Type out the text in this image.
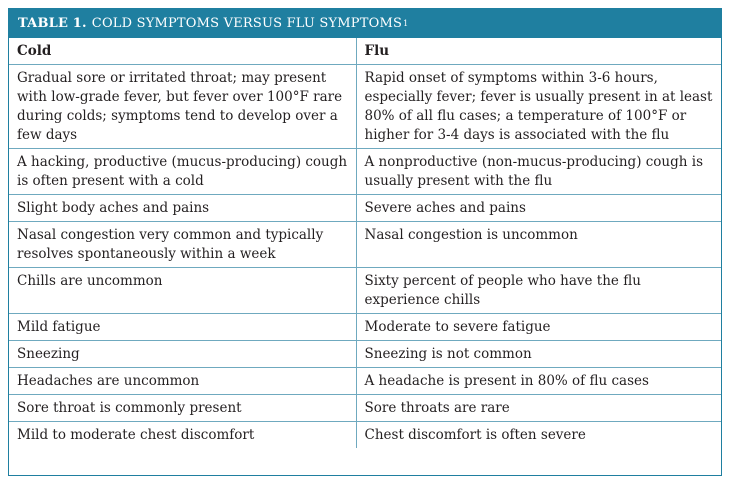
TABLE 1. COLD SYMPTOMS VERSUS FLU SYMPTOMS 1
Cold	Flu
Gradual sore or irritated throat; may present with low-grade fever, but fever over 100°F rare during colds; symptoms tend to develop over a few days	Rapid onset of symptoms within 3-6 hours, especially fever; fever is usually present in at least 80% of all flu cases; a temperature of 100°F or higher for 3-4 days is associated with the flu
A hacking, productive (mucus-producing) cough is often present with a cold	A nonproductive (non-mucus-producing) cough is usually present with the flu
Slight body aches and pains	Severe aches and pains
Nasal congestion very common and typically resolves spontaneously within a week	Nasal congestion is uncommon
Chills are uncommon	Sixty percent of people who have the flu experience chills
Mild fatigue	Moderate to severe fatigue
Sneezing	Sneezing is not common
Headaches are uncommon	A headache is present in 80% of flu cases
Sore throat is commonly present	Sore throats are rare
Mild to moderate chest discomfort	Chest discomfort is often severe
